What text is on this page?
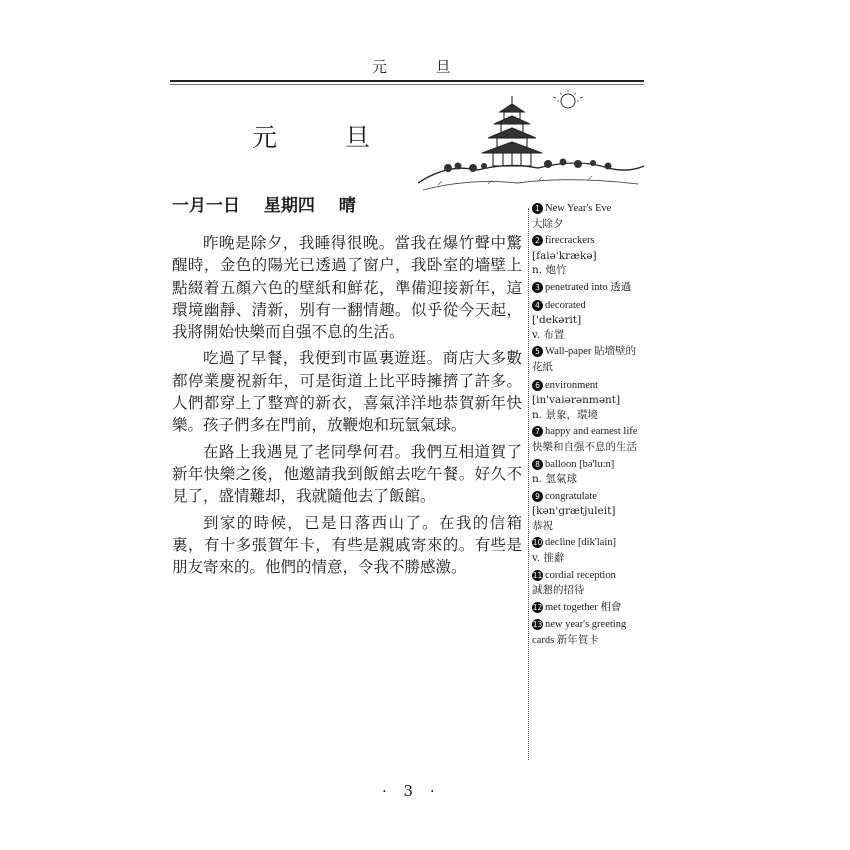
元 旦
元 旦
一月一日 星期四 晴

昨晚是除夕，我睡得很晚。當我在爆竹聲中驚醒時，金色的陽光已透過了窗户，我卧室的墻壁上點綴着五顏六色的壁紙和鮮花，準備迎接新年，這環境幽靜、清新，别有一翻情趣。似乎從今天起，我將開始快樂而自强不息的生活。

吃過了早餐，我便到市區裏遊逛。商店大多數都停業慶祝新年，可是街道上比平時擁擠了許多。人們都穿上了整齊的新衣，喜氣洋洋地恭賀新年快樂。孩子們多在門前，放鞭炮和玩氫氣球。

在路上我遇見了老同學何君。我們互相道賀了新年快樂之後，他邀請我到飯館去吃午餐。好久不見了，盛情難却，我就隨他去了飯館。

到家的時候，已是日落西山了。在我的信箱裏，有十多張賀年卡，有些是親戚寄來的。有些是朋友寄來的。他們的情意，令我不勝感激。

1 New Year's Eve
大除夕
2 firecrackers
[faiə'krækə]
n. 炮竹
3 penetrated into 透過
4 decorated
['dekərit]
v. 布置
5 Wall-paper 貼墻壁的花紙
6 environment
[in'vaiərənmənt]
n. 景象，環境
7 happy and earnest life
快樂和自强不息的生活
8 balloon [bə'lu:n]
n. 氫氣球
9 congratulate
[kən'grætjuleit]
恭祝
10 decline [dik'lain]
v. 推辭
11 cordial reception
誠懇的招待
12 met together 相會
13 new year's greeting cards 新年賀卡
· 3 ·
